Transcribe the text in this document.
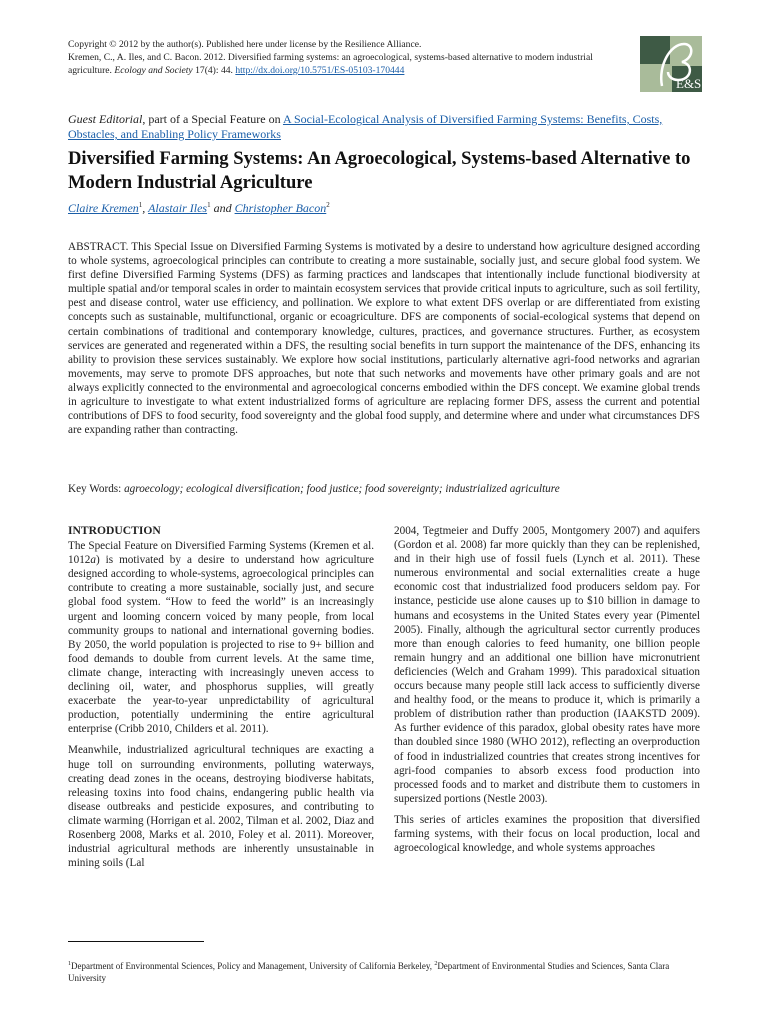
Copyright © 2012 by the author(s). Published here under license by the Resilience Alliance.

Kremen, C., A. Iles, and C. Bacon. 2012. Diversified farming systems: an agroecological, systems-based alternative to modern industrial agriculture. Ecology and Society 17(4): 44. http://dx.doi.org/10.5751/ES-05103-170444

E&S
Guest Editorial, part of a Special Feature on A Social-Ecological Analysis of Diversified Farming Systems: Benefits, Costs, Obstacles, and Enabling Policy Frameworks
Diversified Farming Systems: An Agroecological, Systems-based Alternative to Modern Industrial Agriculture
Claire Kremen$^1$, Alastair Iles$^1$ and Christopher Bacon$^2$

ABSTRACT. This Special Issue on Diversified Farming Systems is motivated by a desire to understand how agriculture designed according to whole systems, agroecological principles can contribute to creating a more sustainable, socially just, and secure global food system. We first define Diversified Farming Systems (DFS) as farming practices and landscapes that intentionally include functional biodiversity at multiple spatial and/or temporal scales in order to maintain ecosystem services that provide critical inputs to agriculture, such as soil fertility, pest and disease control, water use efficiency, and pollination. We explore to what extent DFS overlap or are differentiated from existing concepts such as sustainable, multifunctional, organic or ecoagriculture. DFS are components of social-ecological systems that depend on certain combinations of traditional and contemporary knowledge, cultures, practices, and governance structures. Further, as ecosystem services are generated and regenerated within a DFS, the resulting social benefits in turn support the maintenance of the DFS, enhancing its ability to provision these services sustainably. We explore how social institutions, particularly alternative agri-food networks and agrarian movements, may serve to promote DFS approaches, but note that such networks and movements have other primary goals and are not always explicitly connected to the environmental and agroecological concerns embodied within the DFS concept. We examine global trends in agriculture to investigate to what extent industrialized forms of agriculture are replacing former DFS, assess the current and potential contributions of DFS to food security, food sovereignty and the global food supply, and determine where and under what circumstances DFS are expanding rather than contracting.

Key Words: agroecology; ecological diversification; food justice; food sovereignty; industrialized agriculture
INTRODUCTION

The Special Feature on Diversified Farming Systems (Kremen et al. 1012a) is motivated by a desire to understand how agriculture designed according to whole-systems, agroecological principles can contribute to creating a more sustainable, socially just, and secure global food system. “How to feed the world” is an increasingly urgent and looming concern voiced by many people, from local community groups to national and international governing bodies. By 2050, the world population is projected to rise to 9+ billion and food demands to double from current levels. At the same time, climate change, interacting with increasingly uneven access to declining oil, water, and phosphorus supplies, will greatly exacerbate the year-to-year unpredictability of agricultural production, potentially undermining the entire agricultural enterprise (Cribb 2010, Childers et al. 2011).

Meanwhile, industrialized agricultural techniques are exacting a huge toll on surrounding environments, polluting waterways, creating dead zones in the oceans, destroying biodiverse habitats, releasing toxins into food chains, endangering public health via disease outbreaks and pesticide exposures, and contributing to climate warming (Horrigan et al. 2002, Tilman et al. 2002, Diaz and Rosenberg 2008, Marks et al. 2010, Foley et al. 2011). Moreover, industrial agricultural methods are inherently unsustainable in mining soils (Lal

2004, Tegtmeier and Duffy 2005, Montgomery 2007) and aquifers (Gordon et al. 2008) far more quickly than they can be replenished, and in their high use of fossil fuels (Lynch et al. 2011). These numerous environmental and social externalities create a huge economic cost that industrialized food producers seldom pay. For instance, pesticide use alone causes up to $10 billion in damage to humans and ecosystems in the United States every year (Pimentel 2005). Finally, although the agricultural sector currently produces more than enough calories to feed humanity, one billion people remain hungry and an additional one billion have micronutrient deficiencies (Welch and Graham 1999). This paradoxical situation occurs because many people still lack access to sufficiently diverse and healthy food, or the means to produce it, which is primarily a problem of distribution rather than production (IAAKSTD 2009). As further evidence of this paradox, global obesity rates have more than doubled since 1980 (WHO 2012), reflecting an overproduction of food in industrialized countries that creates strong incentives for agri-food companies to absorb excess food production into processed foods and to market and distribute them to customers in supersized portions (Nestle 2003).

This series of articles examines the proposition that diversified farming systems, with their focus on local production, local and agroecological knowledge, and whole systems approaches

$^1$Department of Environmental Sciences, Policy and Management, University of California Berkeley, $^2$Department of Environmental Studies and Sciences, Santa Clara University
